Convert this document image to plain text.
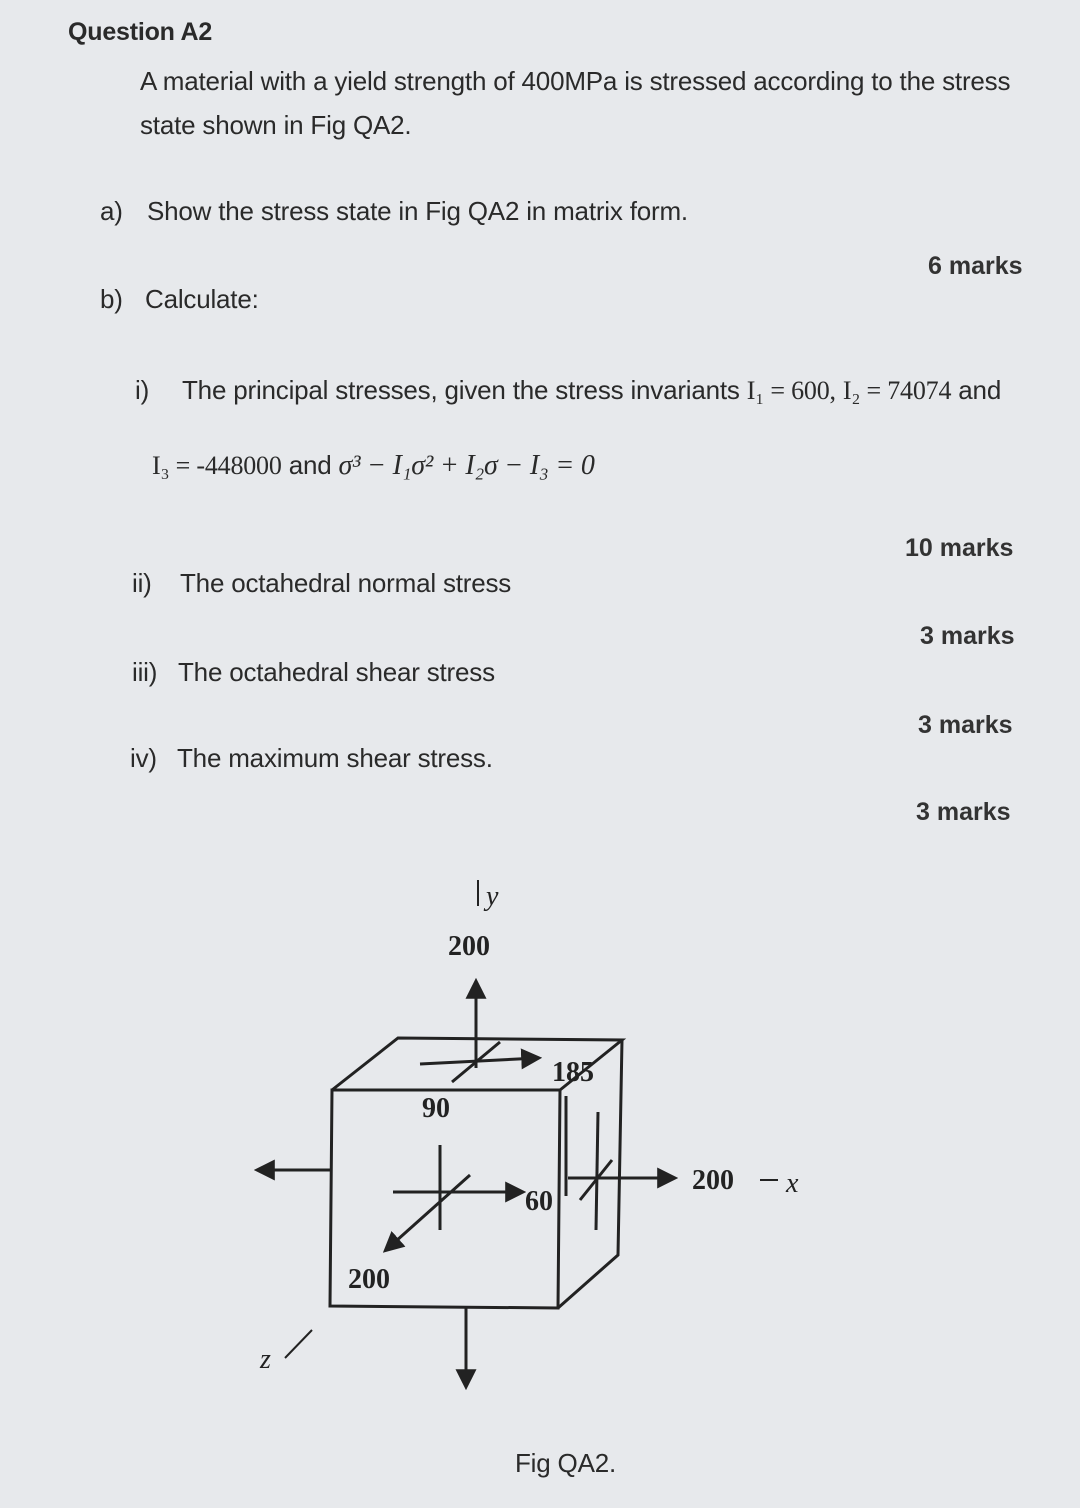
Question A2
A material with a yield strength of 400MPa is stressed according to the stress
state shown in Fig QA2.
a) Show the stress state in Fig QA2 in matrix form.
6 marks
b) Calculate:
i) The principal stresses, given the stress invariants I₁ = 600, I₂ = 74074 and
I₃ = -448000 and σ³ − I₁σ² + I₂σ − I₃ = 0
10 marks
ii) The octahedral normal stress
3 marks
iii) The octahedral shear stress
3 marks
iv) The maximum shear stress.
3 marks
y
200
185
90
200 x
60
200
z
Fig QA2.
